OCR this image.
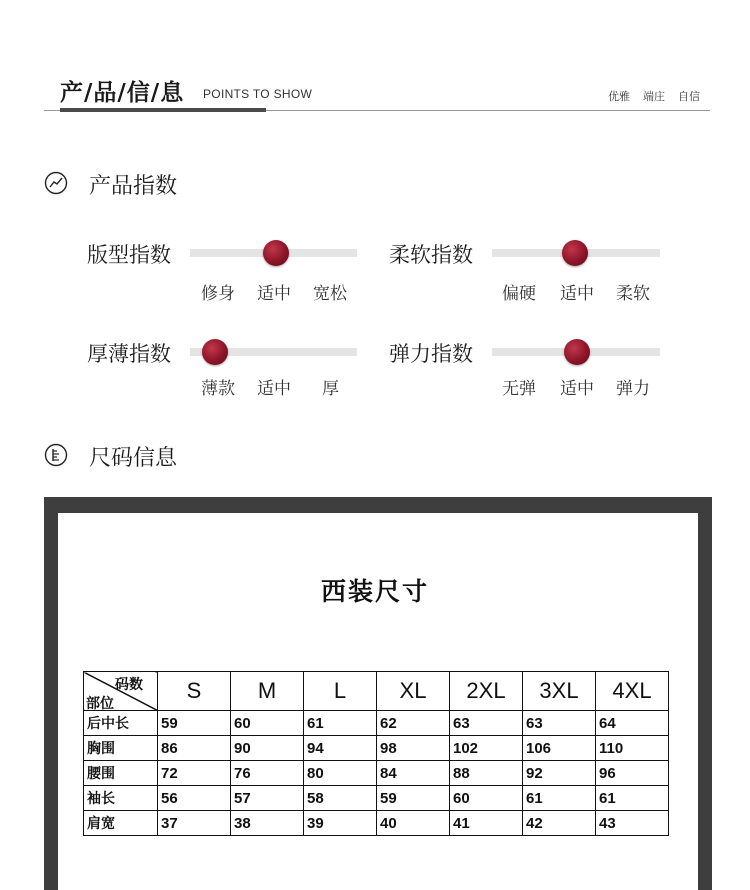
产/品/信/息 POINTS TO SHOW	优雅 端庄 自信
产品指数
版型指数
修身 适中 宽松
柔软指数
偏硬 适中 柔软
厚薄指数
薄款 适中 厚
弹力指数
无弹 适中 弹力
尺码信息
西装尺寸
码数
部位	S	M	L	XL	2XL	3XL	4XL
后中长	59	60	61	62	63	63	64
胸围	86	90	94	98	102	106	110
腰围	72	76	80	84	88	92	96
袖长	56	57	58	59	60	61	61
肩宽	37	38	39	40	41	42	43
